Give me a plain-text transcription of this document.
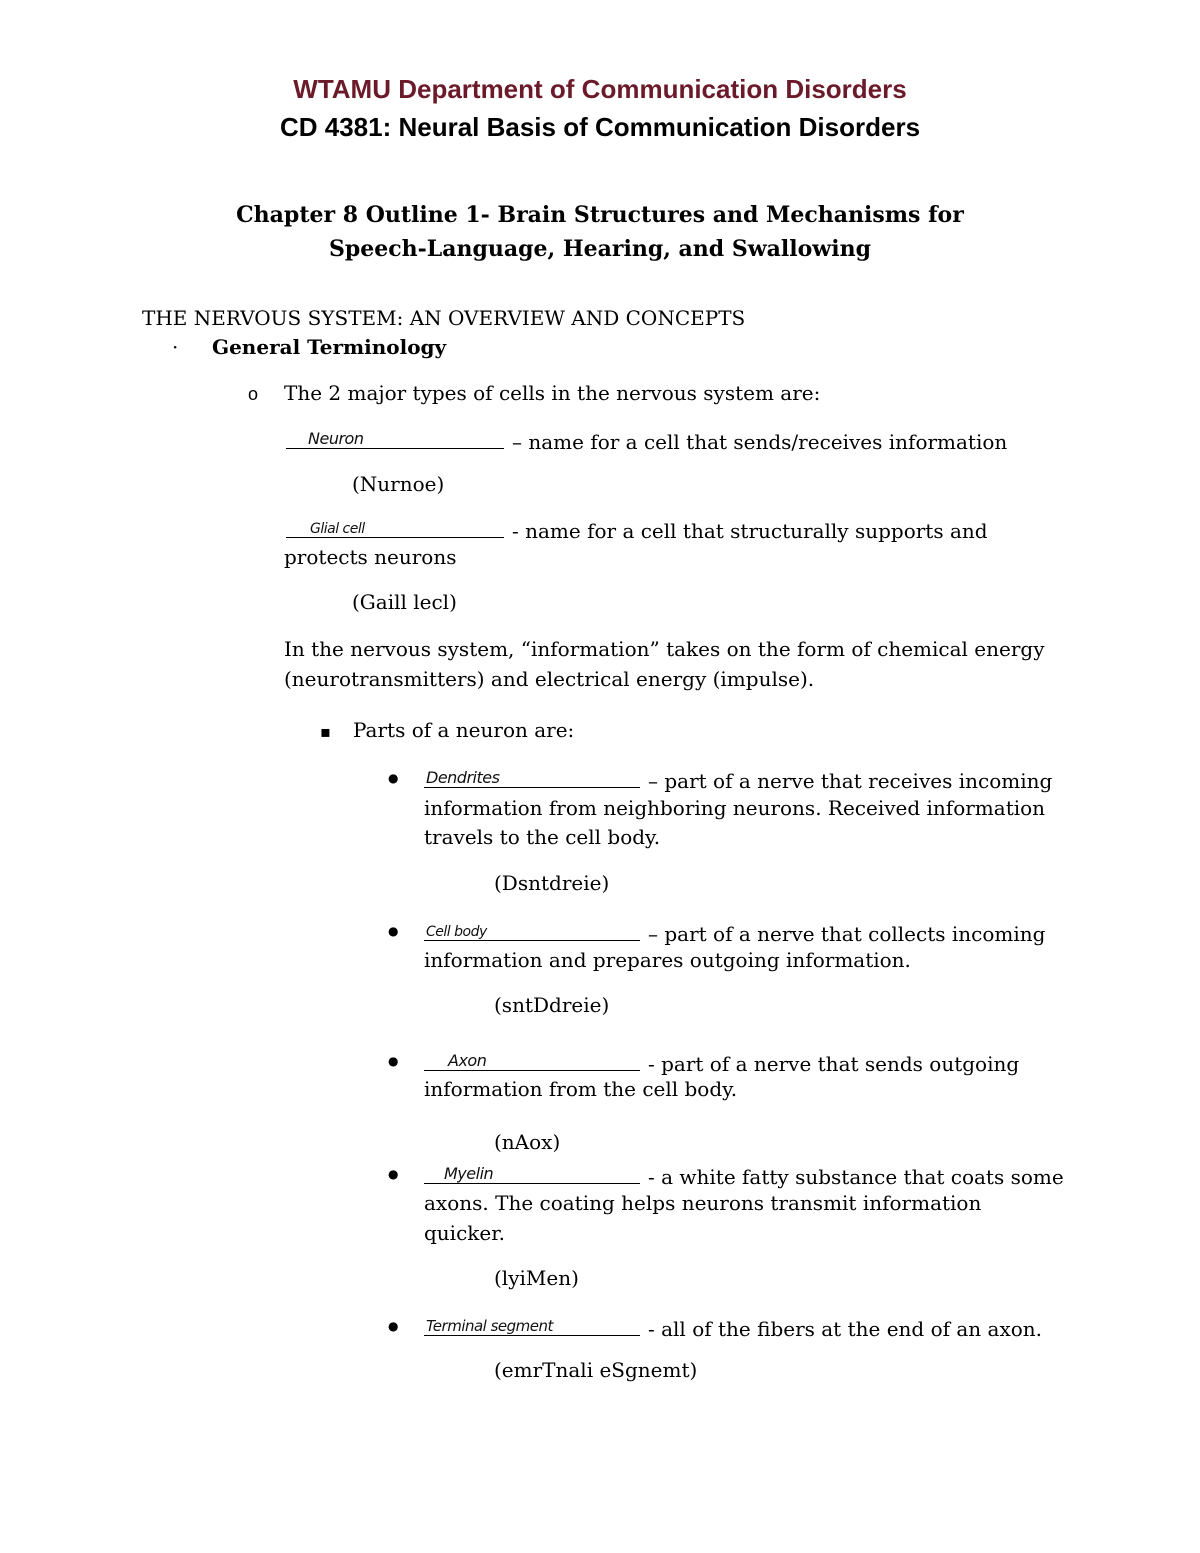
WTAMU Department of Communication Disorders
CD 4381: Neural Basis of Communication Disorders
Chapter 8 Outline 1- Brain Structures and Mechanisms for
Speech-Language, Hearing, and Swallowing
THE NERVOUS SYSTEM: AN OVERVIEW AND CONCEPTS
· General Terminology
o The 2 major types of cells in the nervous system are:
Neuron	– name for a cell that sends/receives information
(Nurnoe)
Glial cell	- name for a cell that structurally supports and
protects neurons
(Gaill lecl)
In the nervous system, “information” takes on the form of chemical energy
(neurotransmitters) and electrical energy (impulse).
▪ Parts of a neuron are:
● Dendrites	– part of a nerve that receives incoming
information from neighboring neurons. Received information
travels to the cell body.
(Dsntdreie)
● Cell body	– part of a nerve that collects incoming
information and prepares outgoing information.
(sntDdreie)
●	Axon	- part of a nerve that sends outgoing
information from the cell body.
(nAox)
●	Myelin	- a white fatty substance that coats some
axons. The coating helps neurons transmit information
quicker.
(lyiMen)
● Terminal segment	- all of the fibers at the end of an axon.
(emrTnali eSgnemt)
